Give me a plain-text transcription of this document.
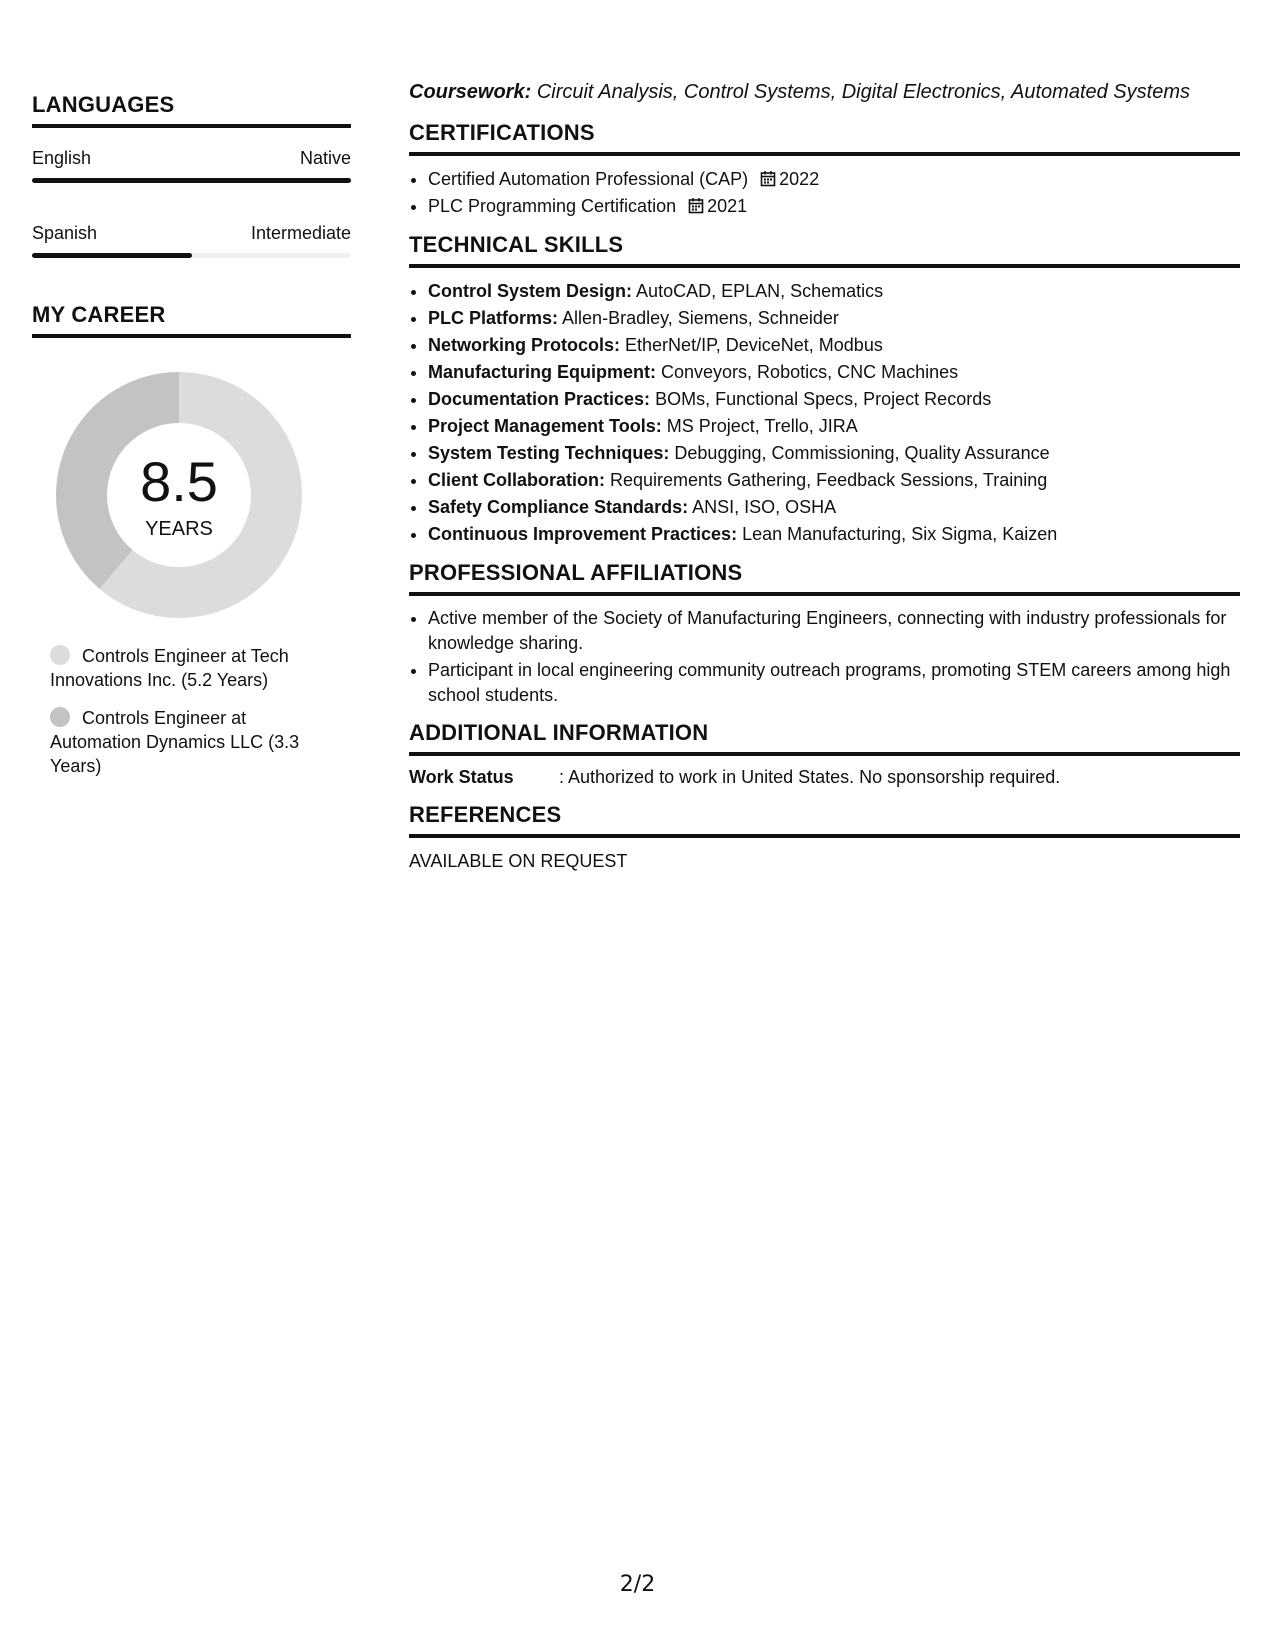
LANGUAGES
English	Native
Spanish	Intermediate
MY CAREER
8.5
YEARS
Controls Engineer at Tech Innovations Inc. (5.2 Years)
Controls Engineer at Automation Dynamics LLC (3.3 Years)

Coursework: Circuit Analysis, Control Systems, Digital Electronics, Automated Systems

CERTIFICATIONS
• Certified Automation Professional (CAP) 2022
• PLC Programming Certification 2021
TECHNICAL SKILLS
• Control System Design: AutoCAD, EPLAN, Schematics
• PLC Platforms: Allen-Bradley, Siemens, Schneider
• Networking Protocols: EtherNet/IP, DeviceNet, Modbus
• Manufacturing Equipment: Conveyors, Robotics, CNC Machines
• Documentation Practices: BOMs, Functional Specs, Project Records
• Project Management Tools: MS Project, Trello, JIRA
• System Testing Techniques: Debugging, Commissioning, Quality Assurance
• Client Collaboration: Requirements Gathering, Feedback Sessions, Training
• Safety Compliance Standards: ANSI, ISO, OSHA
• Continuous Improvement Practices: Lean Manufacturing, Six Sigma, Kaizen
PROFESSIONAL AFFILIATIONS
• Active member of the Society of Manufacturing Engineers, connecting with industry professionals for knowledge sharing.
• Participant in local engineering community outreach programs, promoting STEM careers among high school students.
ADDITIONAL INFORMATION
Work Status	: Authorized to work in United States. No sponsorship required.
REFERENCES
AVAILABLE ON REQUEST
2/2
